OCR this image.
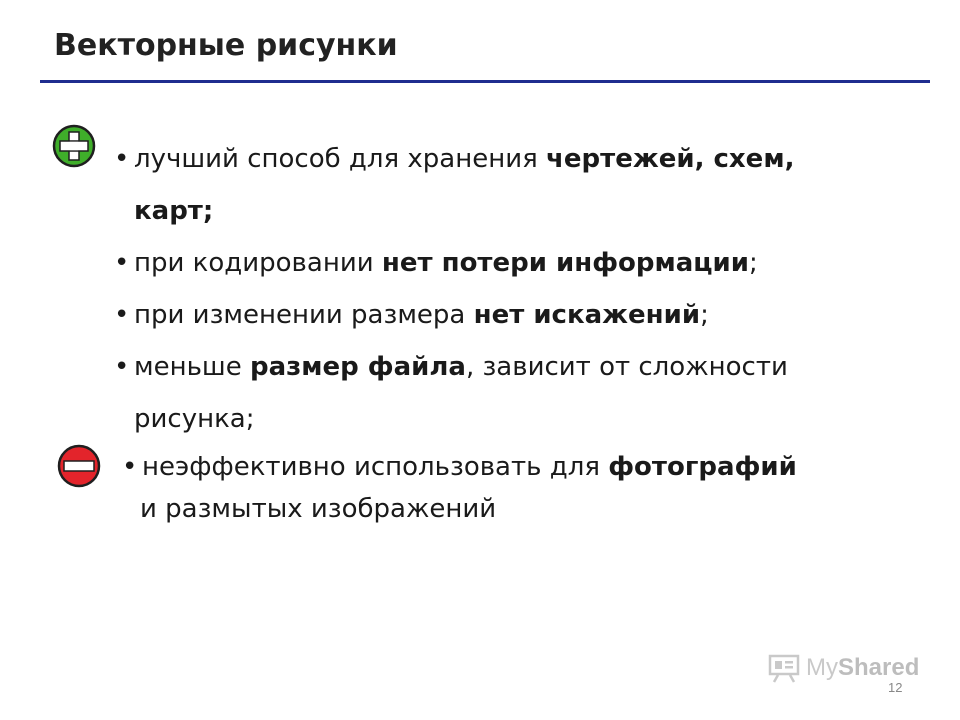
Векторные рисунки
• лучший способ для хранения чертежей, схем,
карт;
• при кодировании нет потери информации;
• при изменении размера нет искажений;
• меньше размер файла, зависит от сложности
рисунка;
• неэффективно использовать для фотографий
и размытых изображений
MyShared
12
